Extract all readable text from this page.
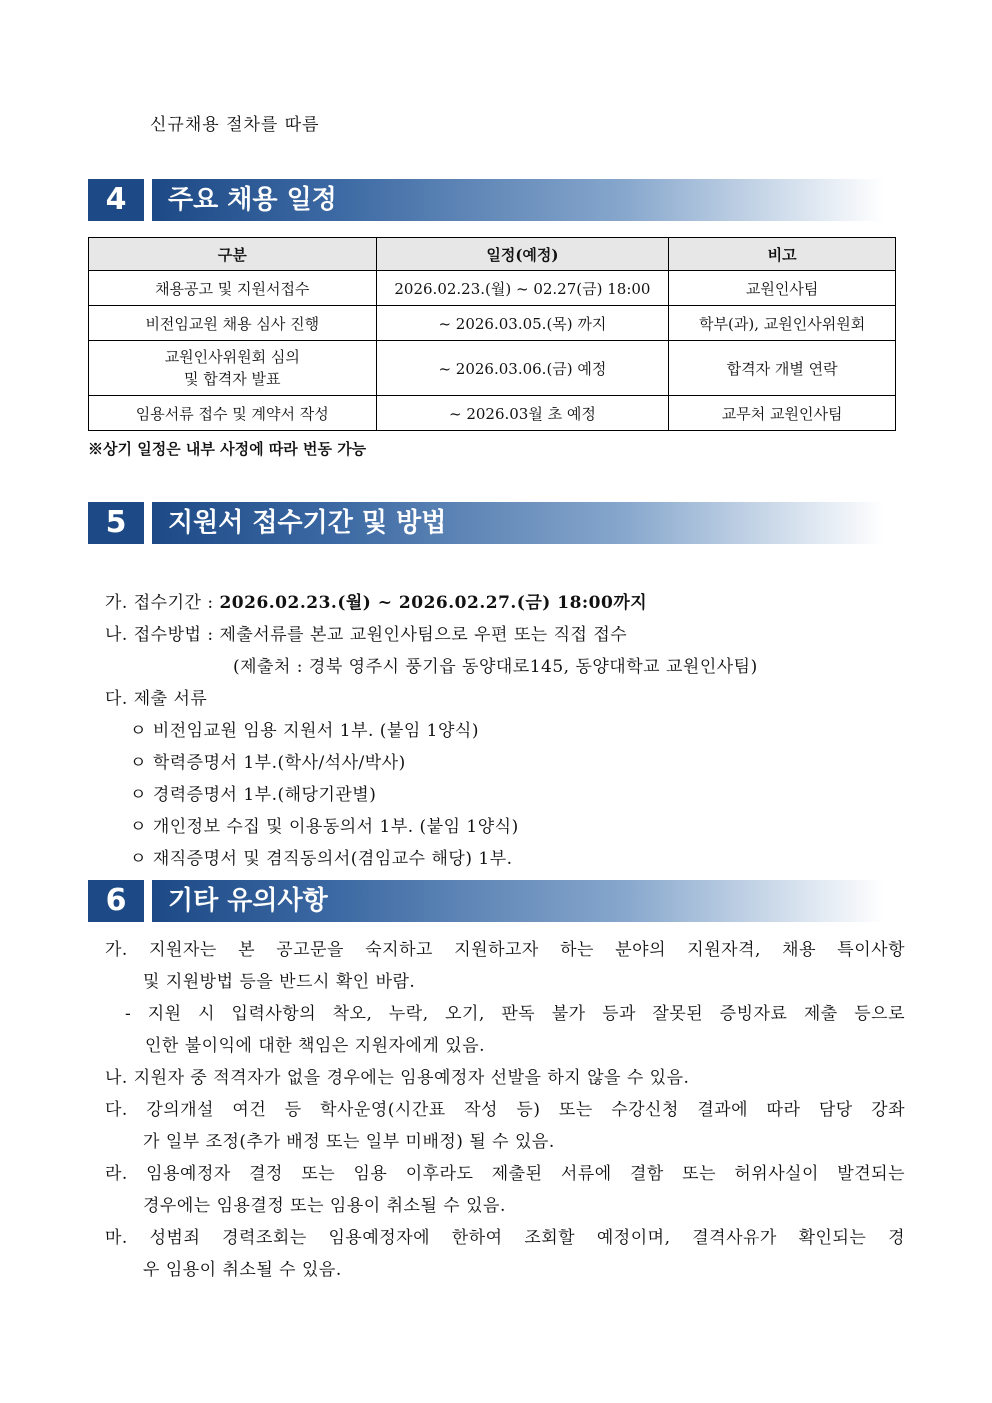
신규채용 절차를 따름
4	주요 채용 일정
구분	일정(예정)	비고
채용공고 및 지원서접수	2026.02.23.(월) ~ 02.27(금) 18:00	교원인사팀
비전임교원 채용 심사 진행	~ 2026.03.05.(목) 까지	학부(과), 교원인사위원회

교원인사위원회 심의
및 합격자 발표	~ 2026.03.06.(금) 예정	합격자 개별 연락
임용서류 접수 및 계약서 작성	~ 2026.03월 초 예정	교무처 교원인사팀
※상기 일정은 내부 사정에 따라 번동 가능
5	지원서 접수기간 및 방법
가. 접수기간 : 2026.02.23.(월) ~ 2026.02.27.(금) 18:00까지
나. 접수방법 : 제출서류를 본교 교원인사팀으로 우편 또는 직접 접수
(제출처 : 경북 영주시 풍기읍 동양대로145, 동양대학교 교원인사팀)
다. 제출 서류
ㅇ 비전임교원 임용 지원서 1부. (붙임 1양식)
ㅇ 학력증명서 1부.(학사/석사/박사)
ㅇ 경력증명서 1부.(해당기관별)
ㅇ 개인정보 수집 및 이용동의서 1부. (붙임 1양식)
ㅇ 재직증명서 및 겸직동의서(겸임교수 해당) 1부.
6	기타 유의사항
가. 지원자는 본 공고문을 숙지하고 지원하고자 하는 분야의 지원자격, 채용 특이사항
및 지원방법 등을 반드시 확인 바람.
- 지원 시 입력사항의 착오, 누락, 오기, 판독 불가 등과 잘못된 증빙자료 제출 등으로
인한 불이익에 대한 책임은 지원자에게 있음.
나. 지원자 중 적격자가 없을 경우에는 임용예정자 선발을 하지 않을 수 있음.
다. 강의개설 여건 등 학사운영(시간표 작성 등) 또는 수강신청 결과에 따라 담당 강좌
가 일부 조정(추가 배정 또는 일부 미배정) 될 수 있음.
라. 임용예정자 결정 또는 임용 이후라도 제출된 서류에 결함 또는 허위사실이 발견되는
경우에는 임용결정 또는 임용이 취소될 수 있음.
마. 성범죄 경력조회는 임용예정자에 한하여 조회할 예정이며, 결격사유가 확인되는 경
우 임용이 취소될 수 있음.
